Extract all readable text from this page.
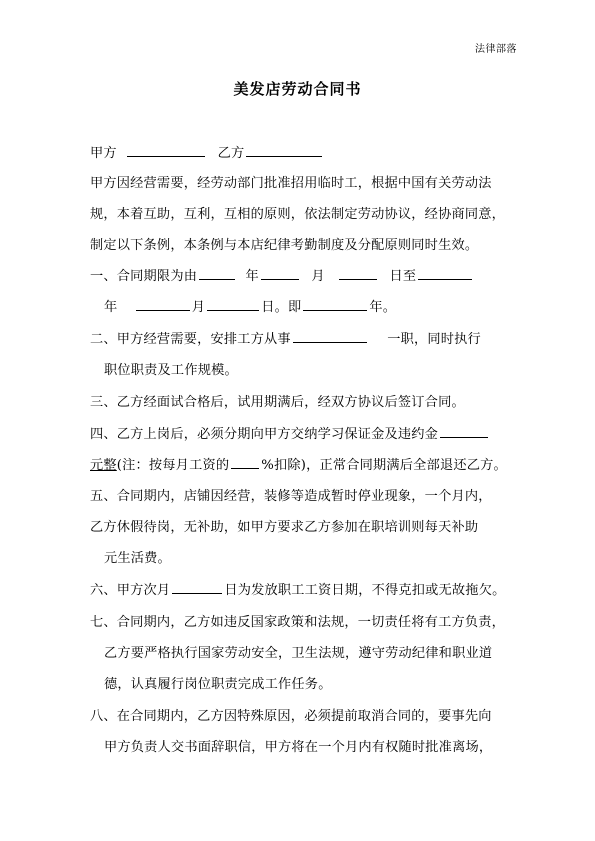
法律部落
美发店劳动合同书
甲方	乙方
甲方因经营需要，经劳动部门批准招用临时工，根据中国有关劳动法
规，本着互助，互利，互相的原则，依法制定劳动协议，经协商同意，
制定以下条例，本条例与本店纪律考勤制度及分配原则同时生效。
一、合同期限为由	年	月	日至
年	月	日。即	年。
二、甲方经营需要，安排工方从事	一职，同时执行
职位职责及工作规模。
三、乙方经面试合格后，试用期满后，经双方协议后签订合同。
四、乙方上岗后，必须分期向甲方交纳学习保证金及违约金
元整(注：按每月工资的 %扣除)，正常合同期满后全部退还乙方。
五、合同期内，店铺因经营，装修等造成暂时停业现象，一个月内，
乙方休假待岗，无补助，如甲方要求乙方参加在职培训则每天补助
元生活费。
六、甲方次月	日为发放职工工资日期，不得克扣或无故拖欠。
七、合同期内，乙方如违反国家政策和法规，一切责任将有工方负责，
乙方要严格执行国家劳动安全，卫生法规，遵守劳动纪律和职业道
德，认真履行岗位职责完成工作任务。
八、在合同期内，乙方因特殊原因，必须提前取消合同的，要事先向
甲方负责人交书面辞职信，甲方将在一个月内有权随时批准离场，
